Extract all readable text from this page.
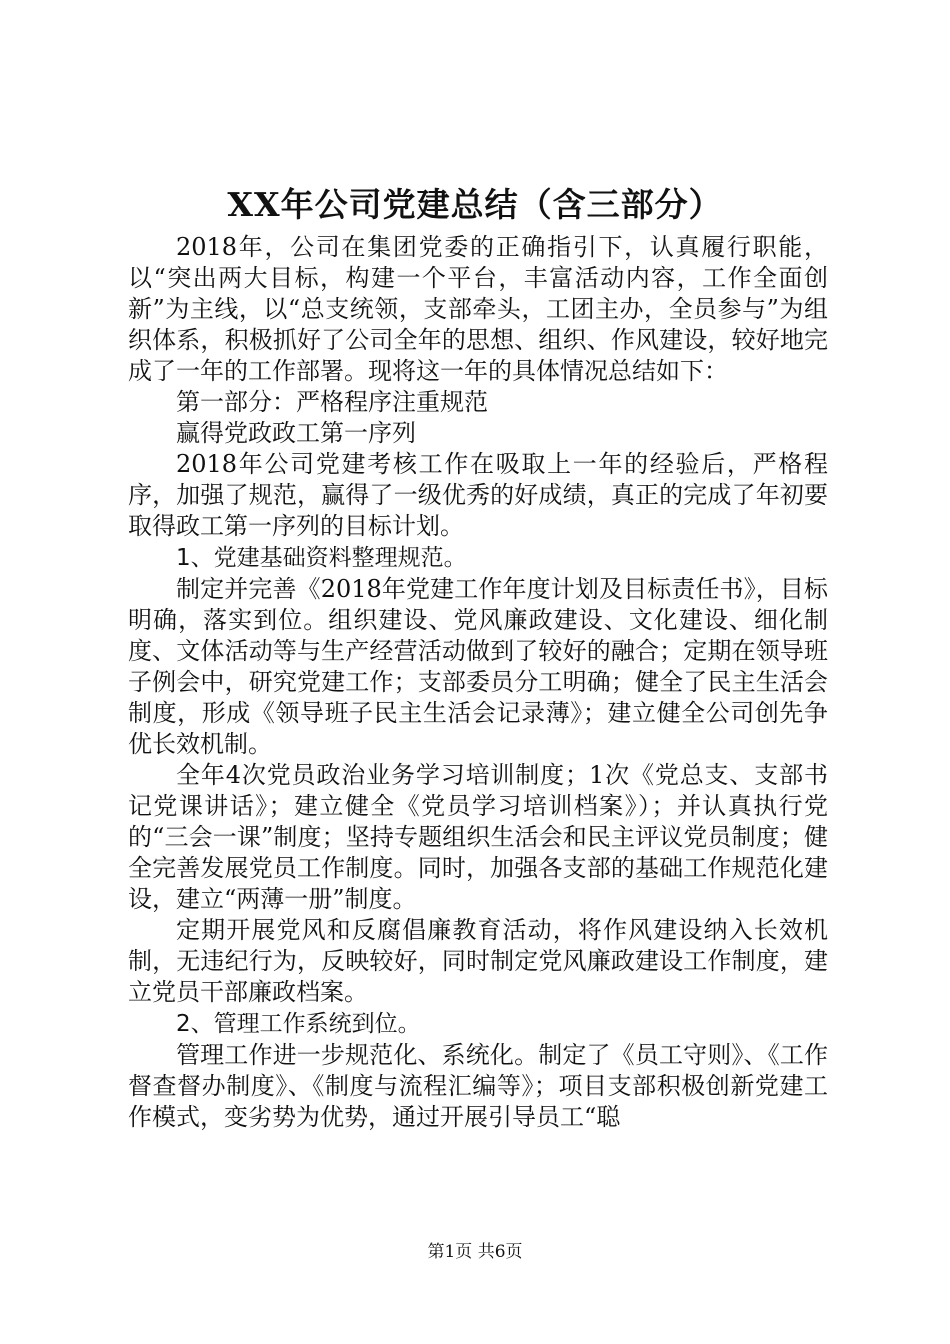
XX年公司党建总结（含三部分）

2018年，公司在集团党委的正确指引下，认真履行职能，以“突出两大目标，构建一个平台，丰富活动内容，工作全面创新”为主线，以“总支统领，支部牵头，工团主办，全员参与”为组织体系，积极抓好了公司全年的思想、组织、作风建设，较好地完成了一年的工作部署。现将这一年的具体情况总结如下：

第一部分：严格程序注重规范

赢得党政政工第一序列

2018年公司党建考核工作在吸取上一年的经验后，严格程序，加强了规范，赢得了一级优秀的好成绩，真正的完成了年初要取得政工第一序列的目标计划。

1、党建基础资料整理规范。

制定并完善《2018年党建工作年度计划及目标责任书》，目标明确，落实到位。组织建设、党风廉政建设、文化建设、细化制度、文体活动等与生产经营活动做到了较好的融合；定期在领导班子例会中，研究党建工作；支部委员分工明确；健全了民主生活会制度，形成《领导班子民主生活会记录薄》；建立健全公司创先争优长效机制。

全年4次党员政治业务学习培训制度；1次《党总支、支部书记党课讲话》；建立健全《党员学习培训档案》）；并认真执行党的“三会一课”制度；坚持专题组织生活会和民主评议党员制度；健全完善发展党员工作制度。同时，加强各支部的基础工作规范化建设，建立“两薄一册”制度。

定期开展党风和反腐倡廉教育活动，将作风建设纳入长效机制，无违纪行为，反映较好，同时制定党风廉政建设工作制度，建立党员干部廉政档案。

2、管理工作系统到位。

管理工作进一步规范化、系统化。制定了《员工守则》、《工作督查督办制度》、《制度与流程汇编等》；项目支部积极创新党建工作模式，变劣势为优势，通过开展引导员工“聪

第1页 共6页
